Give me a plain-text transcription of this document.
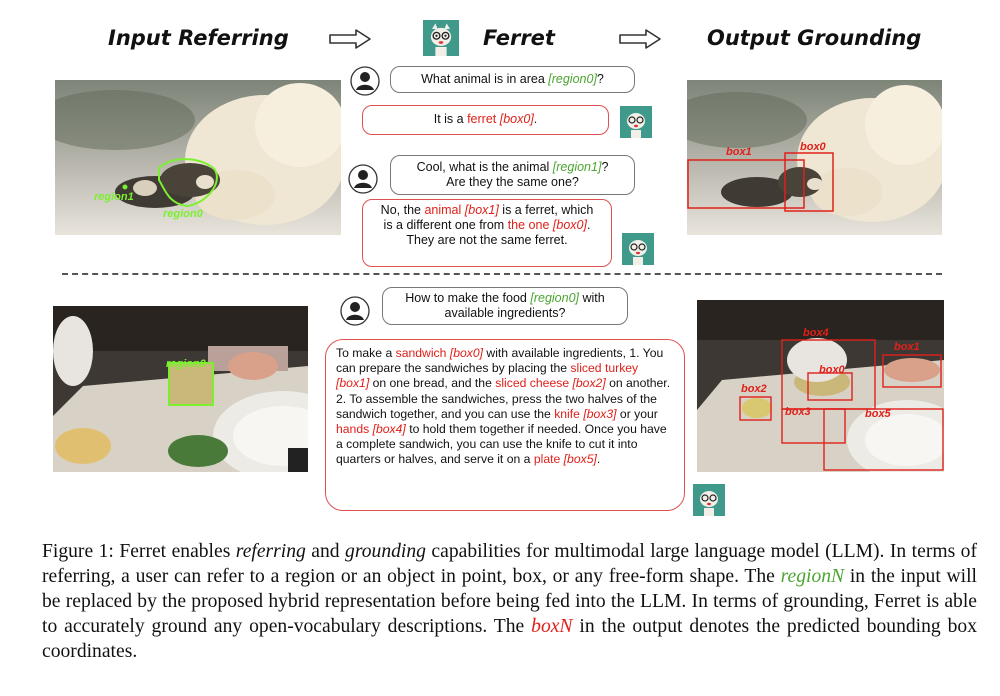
Input Referring	Ferret	Output Grounding
region1
region0
box1	box0
What animal is in area [region0]?
It is a ferret [box0].
Cool, what is the animal [region1]?
Are they the same one?
No, the animal [box1] is a ferret, which is a different one from the one [box0]. They are not the same ferret.
region0
box4
box1
box0
box2
box3	box5
How to make the food [region0] with available ingredients?
To make a sandwich [box0] with available ingredients, 1. You can prepare the sandwiches by placing the sliced turkey [box1] on one bread, and the sliced cheese [box2] on another. 2. To assemble the sandwiches, press the two halves of the sandwich together, and you can use the knife [box3] or your hands [box4] to hold them together if needed. Once you have a complete sandwich, you can use the knife to cut it into quarters or halves, and serve it on a plate [box5].
Figure 1: Ferret enables referring and grounding capabilities for multimodal large language model (LLM). In terms of referring, a user can refer to a region or an object in point, box, or any free-form shape. The regionN in the input will be replaced by the proposed hybrid representation before being fed into the LLM. In terms of grounding, Ferret is able to accurately ground any open-vocabulary descriptions. The boxN in the output denotes the predicted bounding box coordinates.
